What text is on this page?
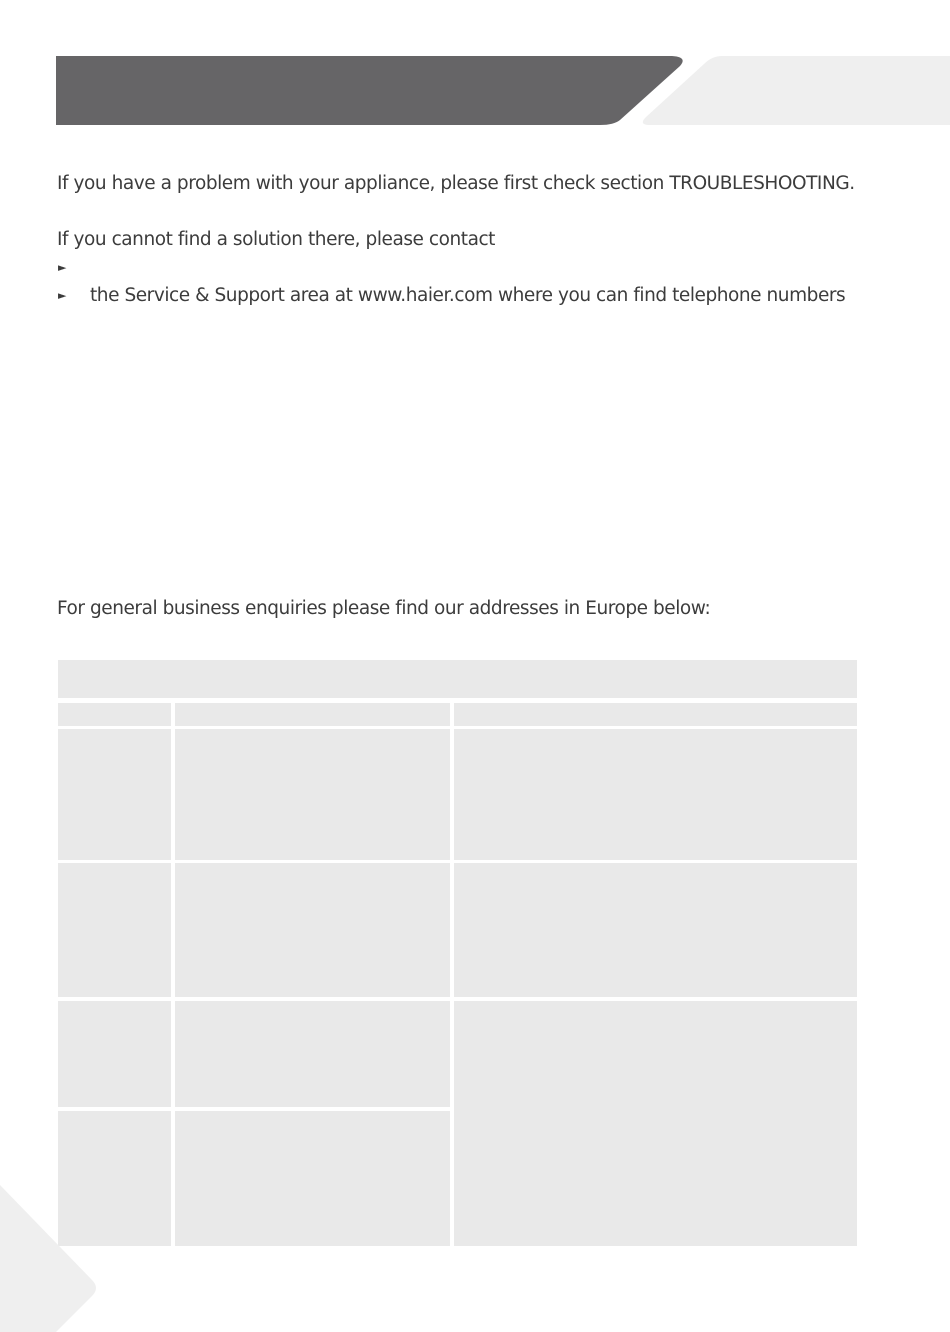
If you have a problem with your appliance, please first check section TROUBLESHOOTING.
If you cannot find a solution there, please contact
►
► the Service & Support area at www.haier.com where you can find telephone numbers
For general business enquiries please find our addresses in Europe below:
